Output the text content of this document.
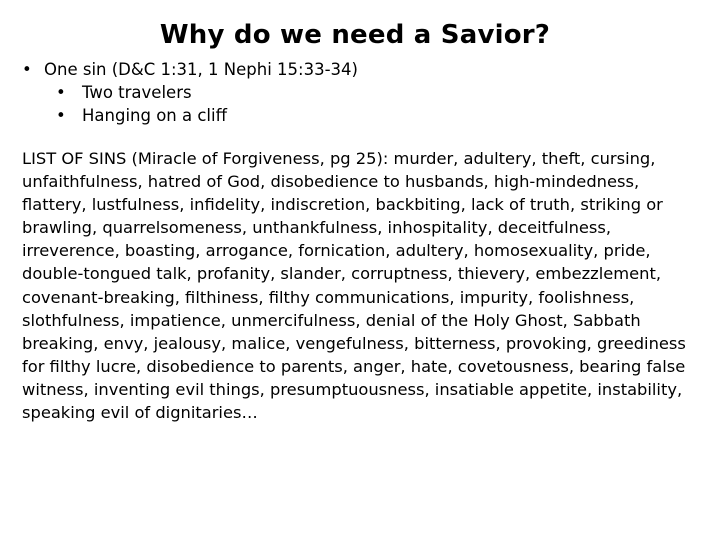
Why do we need a Savior?
• One sin (D&C 1:31, 1 Nephi 15:33-34)
• Two travelers
• Hanging on a cliff

LIST OF SINS (Miracle of Forgiveness, pg 25): murder, adultery, theft, cursing, unfaithfulness, hatred of God, disobedience to husbands, high-mindedness, flattery, lustfulness, infidelity, indiscretion, backbiting, lack of truth, striking or brawling, quarrelsomeness, unthankfulness, inhospitality, deceitfulness, irreverence, boasting, arrogance, fornication, adultery, homosexuality, pride, double-tongued talk, profanity, slander, corruptness, thievery, embezzlement, covenant-breaking, filthiness, filthy communications, impurity, foolishness, slothfulness, impatience, unmercifulness, denial of the Holy Ghost, Sabbath breaking, envy, jealousy, malice, vengefulness, bitterness, provoking, greediness for filthy lucre, disobedience to parents, anger, hate, covetousness, bearing false witness, inventing evil things, presumptuousness, insatiable appetite, instability, speaking evil of dignitaries…
